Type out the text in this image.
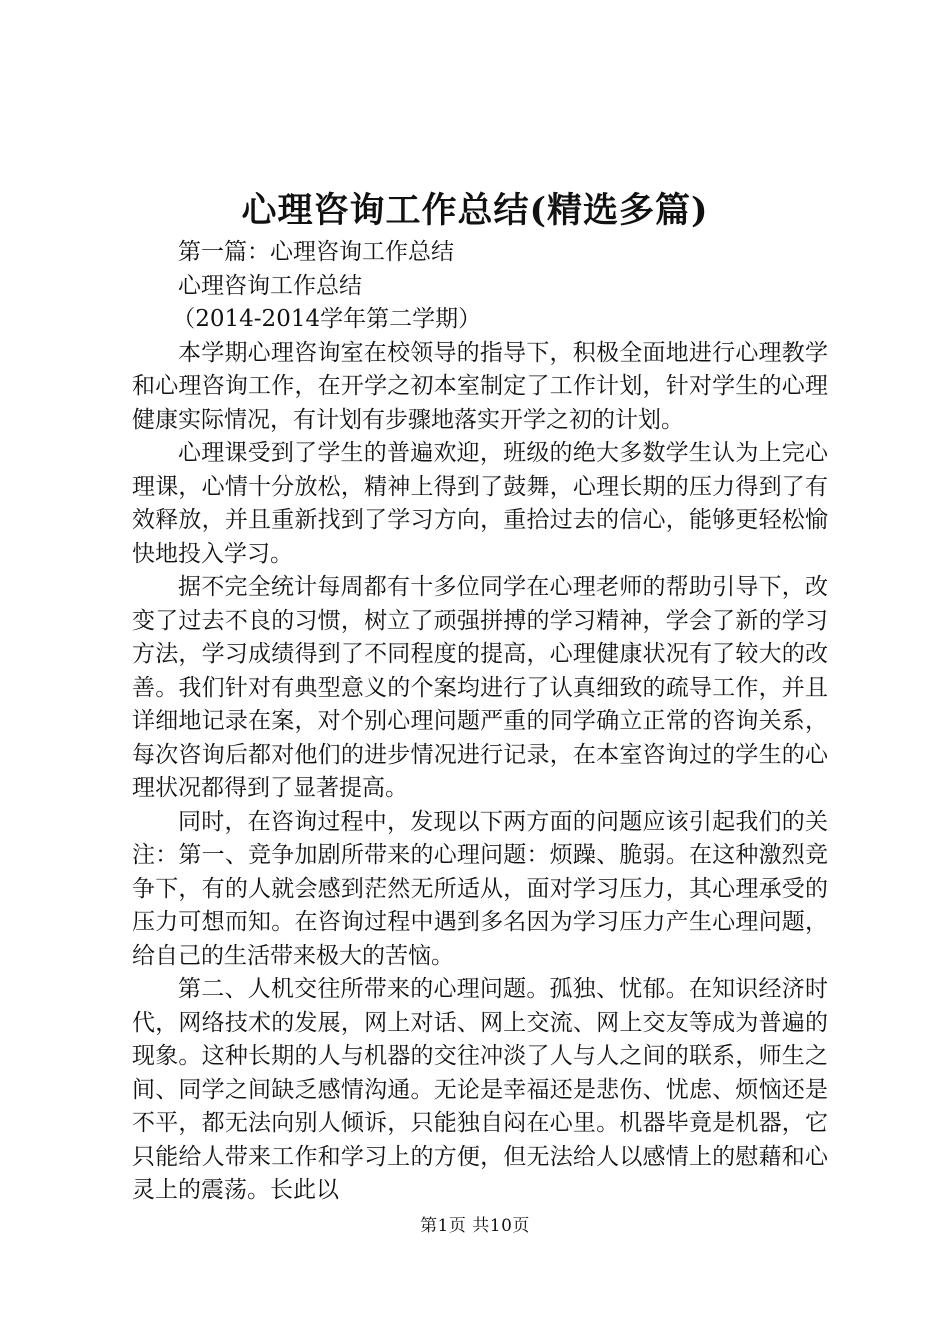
心理咨询工作总结(精选多篇)

第一篇：心理咨询工作总结

心理咨询工作总结

（2014-2014学年第二学期）

本学期心理咨询室在校领导的指导下，积极全面地进行心理教学和心理咨询工作，在开学之初本室制定了工作计划，针对学生的心理健康实际情况，有计划有步骤地落实开学之初的计划。

心理课受到了学生的普遍欢迎，班级的绝大多数学生认为上完心理课，心情十分放松，精神上得到了鼓舞，心理长期的压力得到了有效释放，并且重新找到了学习方向，重拾过去的信心，能够更轻松愉快地投入学习。

据不完全统计每周都有十多位同学在心理老师的帮助引导下，改变了过去不良的习惯，树立了顽强拼搏的学习精神，学会了新的学习方法，学习成绩得到了不同程度的提高，心理健康状况有了较大的改善。我们针对有典型意义的个案均进行了认真细致的疏导工作，并且详细地记录在案，对个别心理问题严重的同学确立正常的咨询关系，每次咨询后都对他们的进步情况进行记录，在本室咨询过的学生的心理状况都得到了显著提高。

同时，在咨询过程中，发现以下两方面的问题应该引起我们的关注：第一、竞争加剧所带来的心理问题：烦躁、脆弱。在这种激烈竞争下，有的人就会感到茫然无所适从，面对学习压力，其心理承受的压力可想而知。在咨询过程中遇到多名因为学习压力产生心理问题，给自己的生活带来极大的苦恼。

第二、人机交往所带来的心理问题。孤独、忧郁。在知识经济时代，网络技术的发展，网上对话、网上交流、网上交友等成为普遍的现象。这种长期的人与机器的交往冲淡了人与人之间的联系，师生之间、同学之间缺乏感情沟通。无论是幸福还是悲伤、忧虑、烦恼还是不平，都无法向别人倾诉，只能独自闷在心里。机器毕竟是机器，它只能给人带来工作和学习上的方便，但无法给人以感情上的慰藉和心灵上的震荡。长此以

第1页 共10页
